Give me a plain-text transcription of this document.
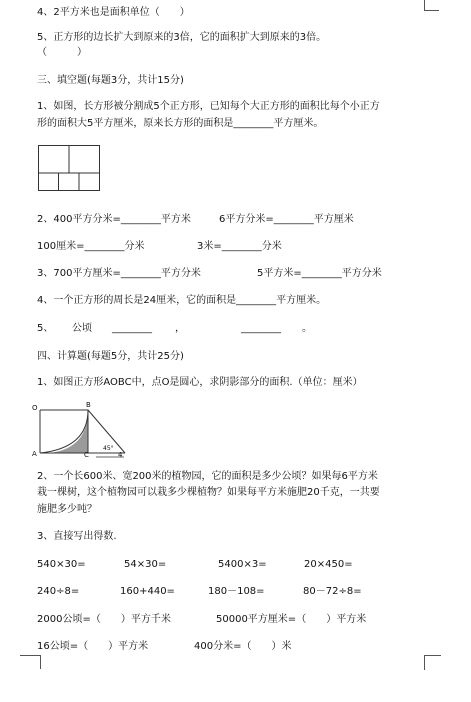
4、2平方米也是面积单位（　　）
5、正方形的边长扩大到原来的3倍，它的面积扩大到原来的3倍。
（　　　）
三、填空题(每题3分，共计15分)
1、如图，长方形被分割成5个正方形，已知每个大正方形的面积比每个小正方
形的面积大5平方厘米，原来长方形的面积是________平方厘米。
2、400平方分米=________平方米	6平方分米=________平方厘米
100厘米=________分米	3米=________分米
3、700平方厘米=________平方分米	5平方米=________平方分米
4、一个正方形的周长是24厘米，它的面积是________平方厘米。
5、 公顷 ________ ，	________ 。
四、计算题(每题5分，共计25分)
1、如图正方形AOBC中，点O是圆心，求阴影部分的面积.（单位：厘米）
O	B
A	C
45°
4
2、一个长600米、宽200米的植物园，它的面积是多少公顷？如果每6平方米
栽一棵树，这个植物园可以栽多少棵植物？如果每平方米施肥20千克，一共要
施肥多少吨？
3、直接写出得数.
540×30=	54×30=	5400×3=	20×450=
240÷8=	160+440=	180－108=	80－72÷8=
2000公顷=（　　）平方千米	50000平方厘米=（　　）平方米
16公顷=（　　）平方米	400分米=（　　）米
